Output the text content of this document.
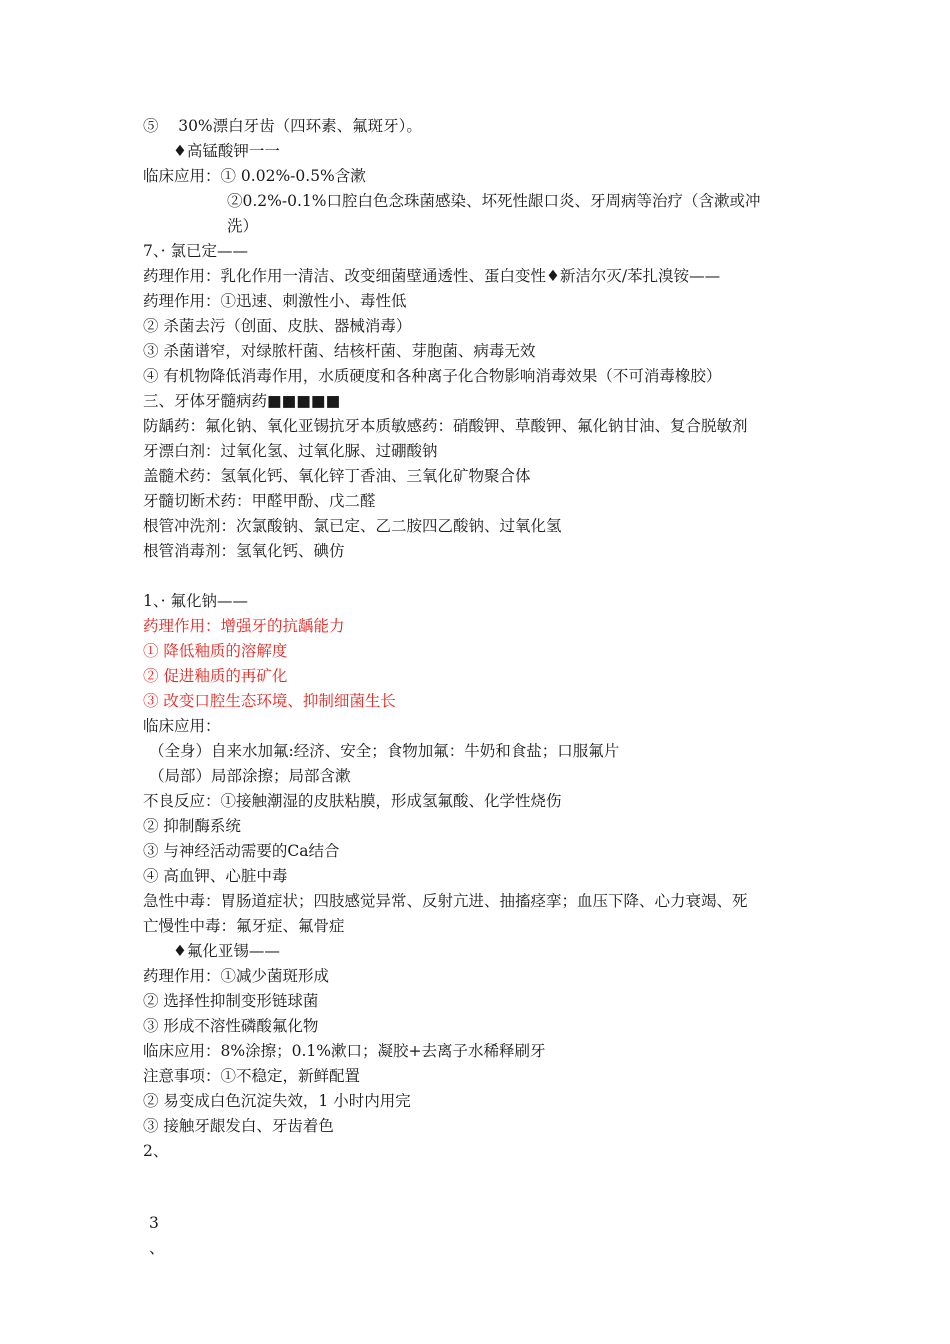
⑤    30%漂白牙齿（四环素、氟斑牙）。
♦高锰酸钾一一
临床应用：① 0.02%-0.5%含漱
②0.2%-0.1%口腔白色念珠菌感染、坏死性龈口炎、牙周病等治疗（含漱或冲
洗）
7、· 氯已定——
药理作用：乳化作用一清洁、改变细菌壁通透性、蛋白变性♦新洁尔灭/苯扎溴铵——
药理作用：①迅速、刺激性小、毒性低
② 杀菌去污（创面、皮肤、器械消毒）
③ 杀菌谱窄，对绿脓杆菌、结核杆菌、芽胞菌、病毒无效
④ 有机物降低消毒作用，水质硬度和各种离子化合物影响消毒效果（不可消毒橡胶）
三、牙体牙髓病药■■■■■
防龋药：氟化钠、氧化亚锡抗牙本质敏感药：硝酸钾、草酸钾、氟化钠甘油、复合脱敏剂
牙漂白剂：过氧化氢、过氧化脲、过硼酸钠
盖髓术药：氢氧化钙、氧化锌丁香油、三氧化矿物聚合体
牙髓切断术药：甲醛甲酚、戊二醛
根管冲洗剂：次氯酸钠、氯已定、乙二胺四乙酸钠、过氧化氢
根管消毒剂：氢氧化钙、碘仿
1、· 氟化钠——
药理作用：增强牙的抗龋能力
① 降低釉质的溶解度
② 促进釉质的再矿化
③ 改变口腔生态环境、抑制细菌生长
临床应用：
（全身）自来水加氟:经济、安全；食物加氟：牛奶和食盐；口服氟片
（局部）局部涂擦；局部含漱
不良反应：①接触潮湿的皮肤粘膜，形成氢氟酸、化学性烧伤
② 抑制酶系统
③ 与神经活动需要的Ca结合
④ 高血钾、心脏中毒
急性中毒：胃肠道症状；四肢感觉异常、反射亢进、抽搐痉挛；血压下降、心力衰竭、死
亡慢性中毒：氟牙症、氟骨症
♦氟化亚锡——
药理作用：①减少菌斑形成
② 选择性抑制变形链球菌
③ 形成不溶性磷酸氟化物
临床应用：8%涂擦；0.1%漱口；凝胶+去离子水稀释刷牙
注意事项：①不稳定，新鲜配置
② 易变成白色沉淀失效，1 小时内用完
③ 接触牙龈发白、牙齿着色
2、
3
、
